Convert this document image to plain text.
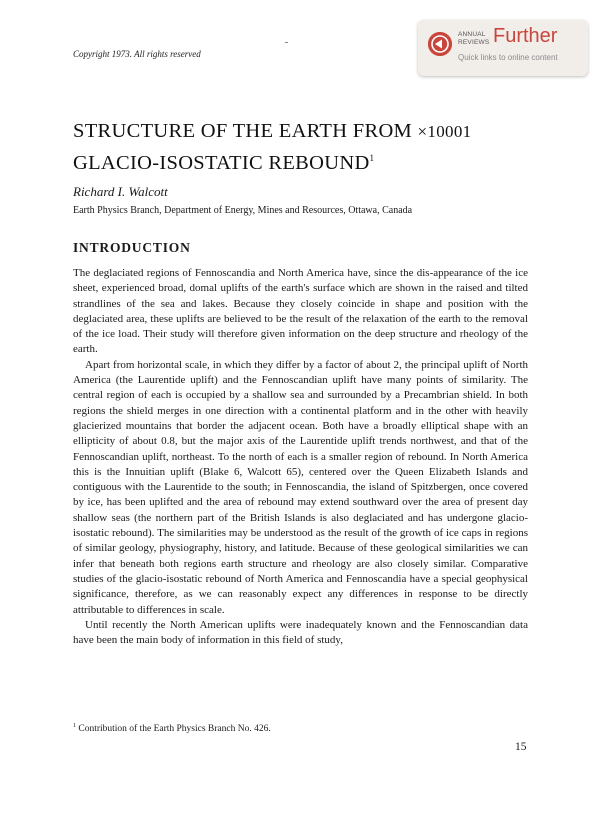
Copyright 1973. All rights reserved
ANNUAL REVIEWS Further
Quick links to online content
STRUCTURE OF THE EARTH FROM ×10001
GLACIO-ISOSTATIC REBOUND$^1$
Richard I. Walcott
Earth Physics Branch, Department of Energy, Mines and Resources, Ottawa, Canada
INTRODUCTION

The deglaciated regions of Fennoscandia and North America have, since the dis-appearance of the ice sheet, experienced broad, domal uplifts of the earth's surface which are shown in the raised and tilted strandlines of the sea and lakes. Because they closely coincide in shape and position with the deglaciated area, these uplifts are believed to be the result of the relaxation of the earth to the removal of the ice load. Their study will therefore given information on the deep structure and rheology of the earth.

Apart from horizontal scale, in which they differ by a factor of about 2, the principal uplift of North America (the Laurentide uplift) and the Fennoscandian uplift have many points of similarity. The central region of each is occupied by a shallow sea and surrounded by a Precambrian shield. In both regions the shield merges in one direction with a continental platform and in the other with heavily glacierized mountains that border the adjacent ocean. Both have a broadly elliptical shape with an ellipticity of about 0.8, but the major axis of the Laurentide uplift trends northwest, and that of the Fennoscandian uplift, northeast. To the north of each is a smaller region of rebound. In North America this is the Innuitian uplift (Blake 6, Walcott 65), centered over the Queen Elizabeth Islands and contiguous with the Laurentide to the south; in Fennoscandia, the island of Spitzbergen, once covered by ice, has been uplifted and the area of rebound may extend southward over the area of present day shallow seas (the northern part of the British Islands is also deglaciated and has undergone glacio-isostatic rebound). The similarities may be understood as the result of the growth of ice caps in regions of similar geology, physiography, history, and latitude. Because of these geological similarities we can infer that beneath both regions earth structure and rheology are also closely similar. Comparative studies of the glacio-isostatic rebound of North America and Fennoscandia have a special geophysical significance, therefore, as we can reasonably expect any differences in response to be directly attributable to differences in scale.

Until recently the North American uplifts were inadequately known and the Fennoscandian data have been the main body of information in this field of study,

$^1$ Contribution of the Earth Physics Branch No. 426.
15
